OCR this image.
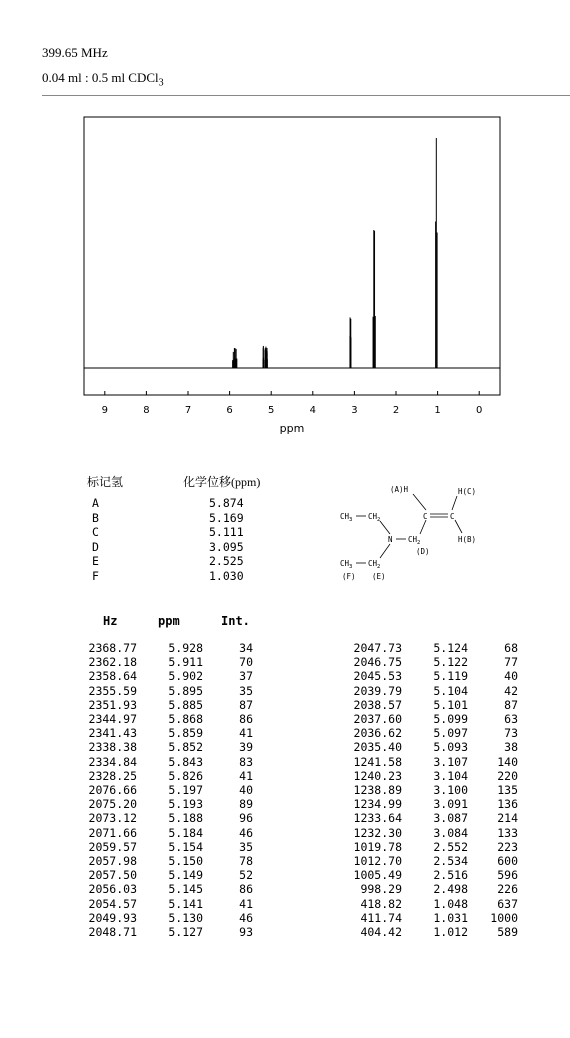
399.65 MHz
0.04 ml : 0.5 ml CDCl$_3$
9	8	7	6	5	4	3	2	1	0
ppm
标记氢	化学位移(ppm)
A	5.874
B	5.169
C	5.111
D	3.095
E	2.525
F	1.030
(A)H	H(C)
$CH_3$ $CH_2$	C	C
H(B)
N $CH_2$
(D)
$CH_3$ $CH_2$
(F) (E)
Hz	ppm	Int.
2368.77	5.928	34
2362.18	5.911	70
2358.64	5.902	37
2355.59	5.895	35
2351.93	5.885	87
2344.97	5.868	86
2341.43	5.859	41
2338.38	5.852	39
2334.84	5.843	83
2328.25	5.826	41
2076.66	5.197	40
2075.20	5.193	89
2073.12	5.188	96
2071.66	5.184	46
2059.57	5.154	35
2057.98	5.150	78
2057.50	5.149	52
2056.03	5.145	86
2054.57	5.141	41
2049.93	5.130	46
2048.71	5.127	93
2047.73	5.124	68
2046.75	5.122	77
2045.53	5.119	40
2039.79	5.104	42
2038.57	5.101	87
2037.60	5.099	63
2036.62	5.097	73
2035.40	5.093	38
1241.58	3.107	140
1240.23	3.104	220
1238.89	3.100	135
1234.99	3.091	136
1233.64	3.087	214
1232.30	3.084	133
1019.78	2.552	223
1012.70	2.534	600
1005.49	2.516	596
998.29	2.498	226
418.82	1.048	637
411.74	1.031	1000
404.42	1.012	589
